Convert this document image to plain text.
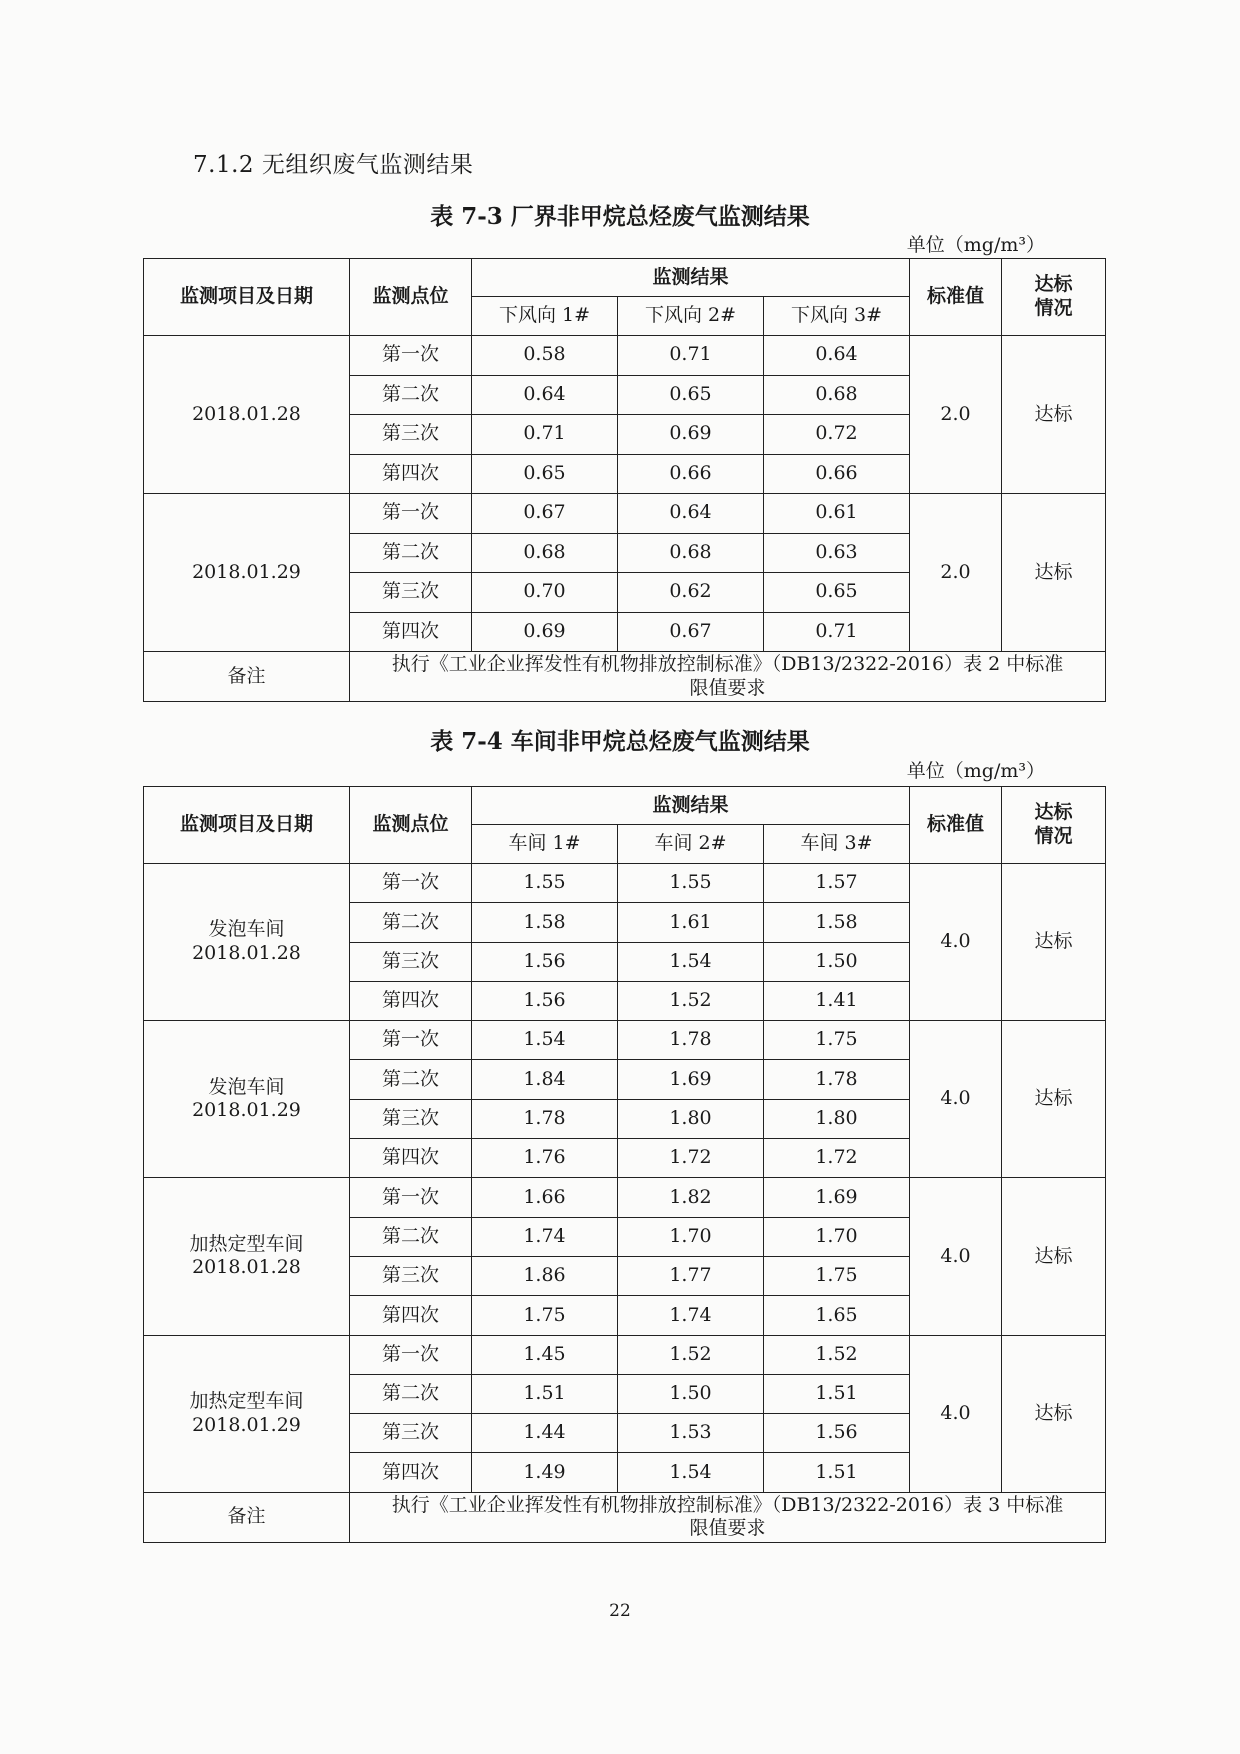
7.1.2 无组织废气监测结果
表 7-3 厂界非甲烷总烃废气监测结果
单位（mg/m³）
监测项目及日期	监测点位	监测结果			标准值	达标
情况
		下风向 1#	下风向 2#	下风向 3#		
2018.01.28	第一次	0.58	0.71	0.64	2.0	达标
	第二次	0.64	0.65	0.68		
	第三次	0.71	0.69	0.72		
	第四次	0.65	0.66	0.66		
2018.01.29	第一次	0.67	0.64	0.61	2.0	达标
	第二次	0.68	0.68	0.63		
	第三次	0.70	0.62	0.65		
	第四次	0.69	0.67	0.71		
备注	执行《工业企业挥发性有机物排放控制标准》（DB13/2322-2016）表 2 中标准
限值要求					
表 7-4 车间非甲烷总烃废气监测结果
单位（mg/m³）
监测项目及日期	监测点位	监测结果			标准值	达标
情况
		车间 1#	车间 2#	车间 3#		
发泡车间
2018.01.28	第一次	1.55	1.55	1.57	4.0	达标
	第二次	1.58	1.61	1.58		
	第三次	1.56	1.54	1.50		
	第四次	1.56	1.52	1.41		
发泡车间
2018.01.29	第一次	1.54	1.78	1.75	4.0	达标
	第二次	1.84	1.69	1.78		
	第三次	1.78	1.80	1.80		
	第四次	1.76	1.72	1.72		
加热定型车间
2018.01.28	第一次	1.66	1.82	1.69	4.0	达标
	第二次	1.74	1.70	1.70		
	第三次	1.86	1.77	1.75		
	第四次	1.75	1.74	1.65		
加热定型车间
2018.01.29	第一次	1.45	1.52	1.52	4.0	达标
	第二次	1.51	1.50	1.51		
	第三次	1.44	1.53	1.56		
	第四次	1.49	1.54	1.51		
备注	执行《工业企业挥发性有机物排放控制标准》（DB13/2322-2016）表 3 中标准
限值要求					
22
